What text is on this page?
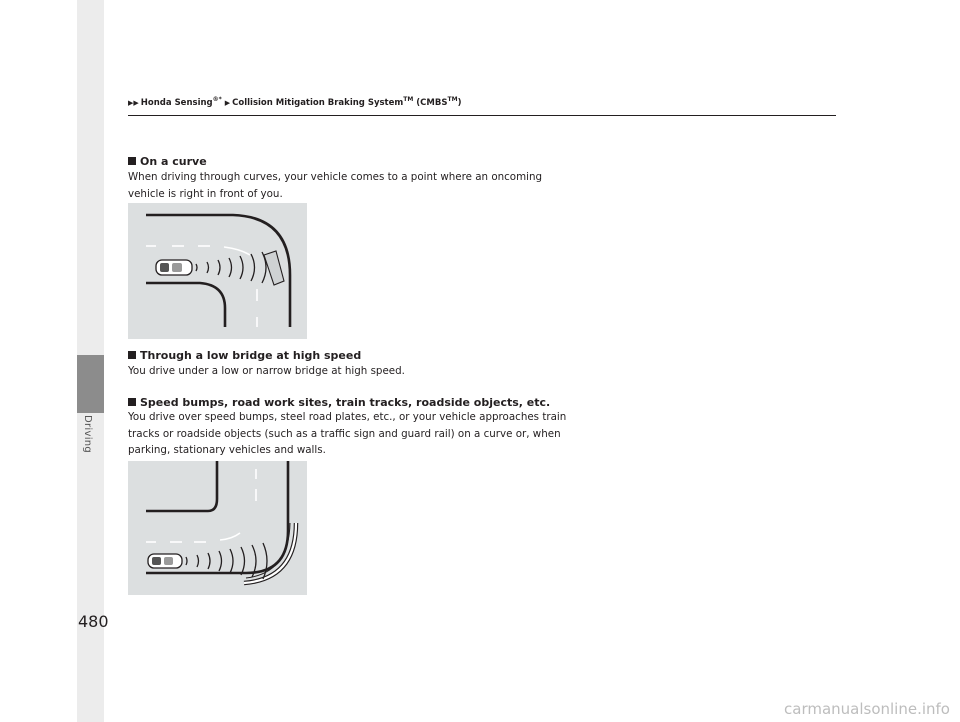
Driving
480
▶▶ Honda Sensing®* ▶ Collision Mitigation Braking System™ (CMBS™)
On a curve
When driving through curves, your vehicle comes to a point where an oncoming vehicle is right in front of you.
Through a low bridge at high speed
You drive under a low or narrow bridge at high speed.
Speed bumps, road work sites, train tracks, roadside objects, etc.
You drive over speed bumps, steel road plates, etc., or your vehicle approaches train tracks or roadside objects (such as a traffic sign and guard rail) on a curve or, when parking, stationary vehicles and walls.
carmanualsonline.info
